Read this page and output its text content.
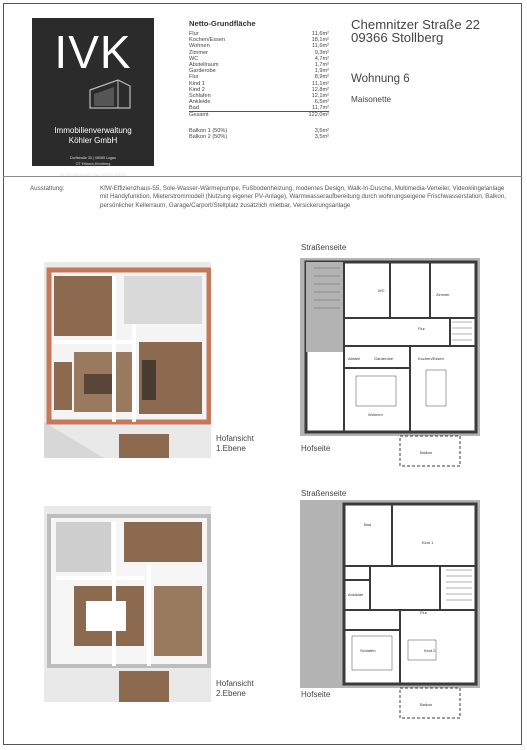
IVK
Immobilienverwaltung
Köhler GmbH
Dorfstraße 35 | 08085 Lugau
OT Erlbach-Kirchberg
Tel: 037295 541115 | Fax: 037295 541001
Netto-Grundfläche
Flur	11,6m²
Kochen/Essen	18,1m²
Wohnen	11,6m²
Zimmer	9,3m²
WC	4,7m²
Abstellraum	1,7m²
Garderobe	1,9m²
Flur	8,9m²
Kind 1	11,1m²
Kind 2	12,8m²
Schlafen	12,1m²
Ankleide	6,5m²
Bad	11,7m²
Gesamt	122,0m²
Balkon 1 (50%)	3,5m²
Balkon 2 (50%)	3,5m²
Chemnitzer Straße 22
09366 Stollberg
Wohnung 6
Maisonette
Ausstattung:	KfW-Effizienzhaus-55, Sole-Wasser-Wärmepumpe, Fußbodenheizung, modernes Design, Walk-In-Dusche, Multimedia-Verteiler, Videoklingelanlage mit Handyfunktion, Mieterstrommodell (Nutzung eigener PV-Anlage), Warmwasseraufbereitung durch wohnungseigene Frischwasserstation, Balkon, persönlicher Kellerraum, Garage/Carport/Stellplatz zusätzlich mietbar, Versickerungsanlage
Hofansicht
1.Ebene
Hofansicht
2.Ebene
Straßenseite
WC
Zimmer
Flur
Abstell	Garderobe	Kochen/Essen
Wohnen
Balkon
Hofseite
Straßenseite
Bad
Kind 1
Ankleide
Flur
Schlafen	Kind 2
Balkon
Hofseite
